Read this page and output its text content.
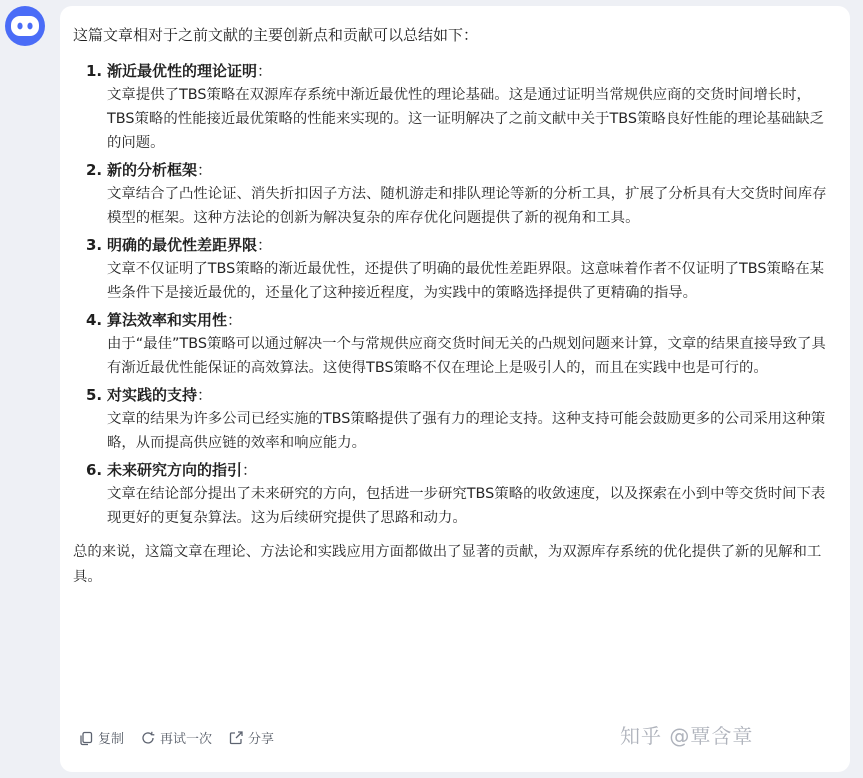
这篇文章相对于之前文献的主要创新点和贡献可以总结如下：

1. 渐近最优性的理论证明：
文章提供了TBS策略在双源库存系统中渐近最优性的理论基础。这是通过证明当常规供应商的交货时间增长时，TBS策略的性能接近最优策略的性能来实现的。这一证明解决了之前文献中关于TBS策略良好性能的理论基础缺乏的问题。
2. 新的分析框架：
文章结合了凸性论证、消失折扣因子方法、随机游走和排队理论等新的分析工具，扩展了分析具有大交货时间库存模型的框架。这种方法论的创新为解决复杂的库存优化问题提供了新的视角和工具。
3. 明确的最优性差距界限：
文章不仅证明了TBS策略的渐近最优性，还提供了明确的最优性差距界限。这意味着作者不仅证明了TBS策略在某些条件下是接近最优的，还量化了这种接近程度，为实践中的策略选择提供了更精确的指导。
4. 算法效率和实用性：
由于“最佳”TBS策略可以通过解决一个与常规供应商交货时间无关的凸规划问题来计算，文章的结果直接导致了具有渐近最优性能保证的高效算法。这使得TBS策略不仅在理论上是吸引人的，而且在实践中也是可行的。
5. 对实践的支持：
文章的结果为许多公司已经实施的TBS策略提供了强有力的理论支持。这种支持可能会鼓励更多的公司采用这种策略，从而提高供应链的效率和响应能力。
6. 未来研究方向的指引：
文章在结论部分提出了未来研究的方向，包括进一步研究TBS策略的收敛速度，以及探索在小到中等交货时间下表现更好的更复杂算法。这为后续研究提供了思路和动力。

总的来说，这篇文章在理论、方法论和实践应用方面都做出了显著的贡献，为双源库存系统的优化提供了新的见解和工具。

复制	再试一次	分享	知乎 @覃含章
